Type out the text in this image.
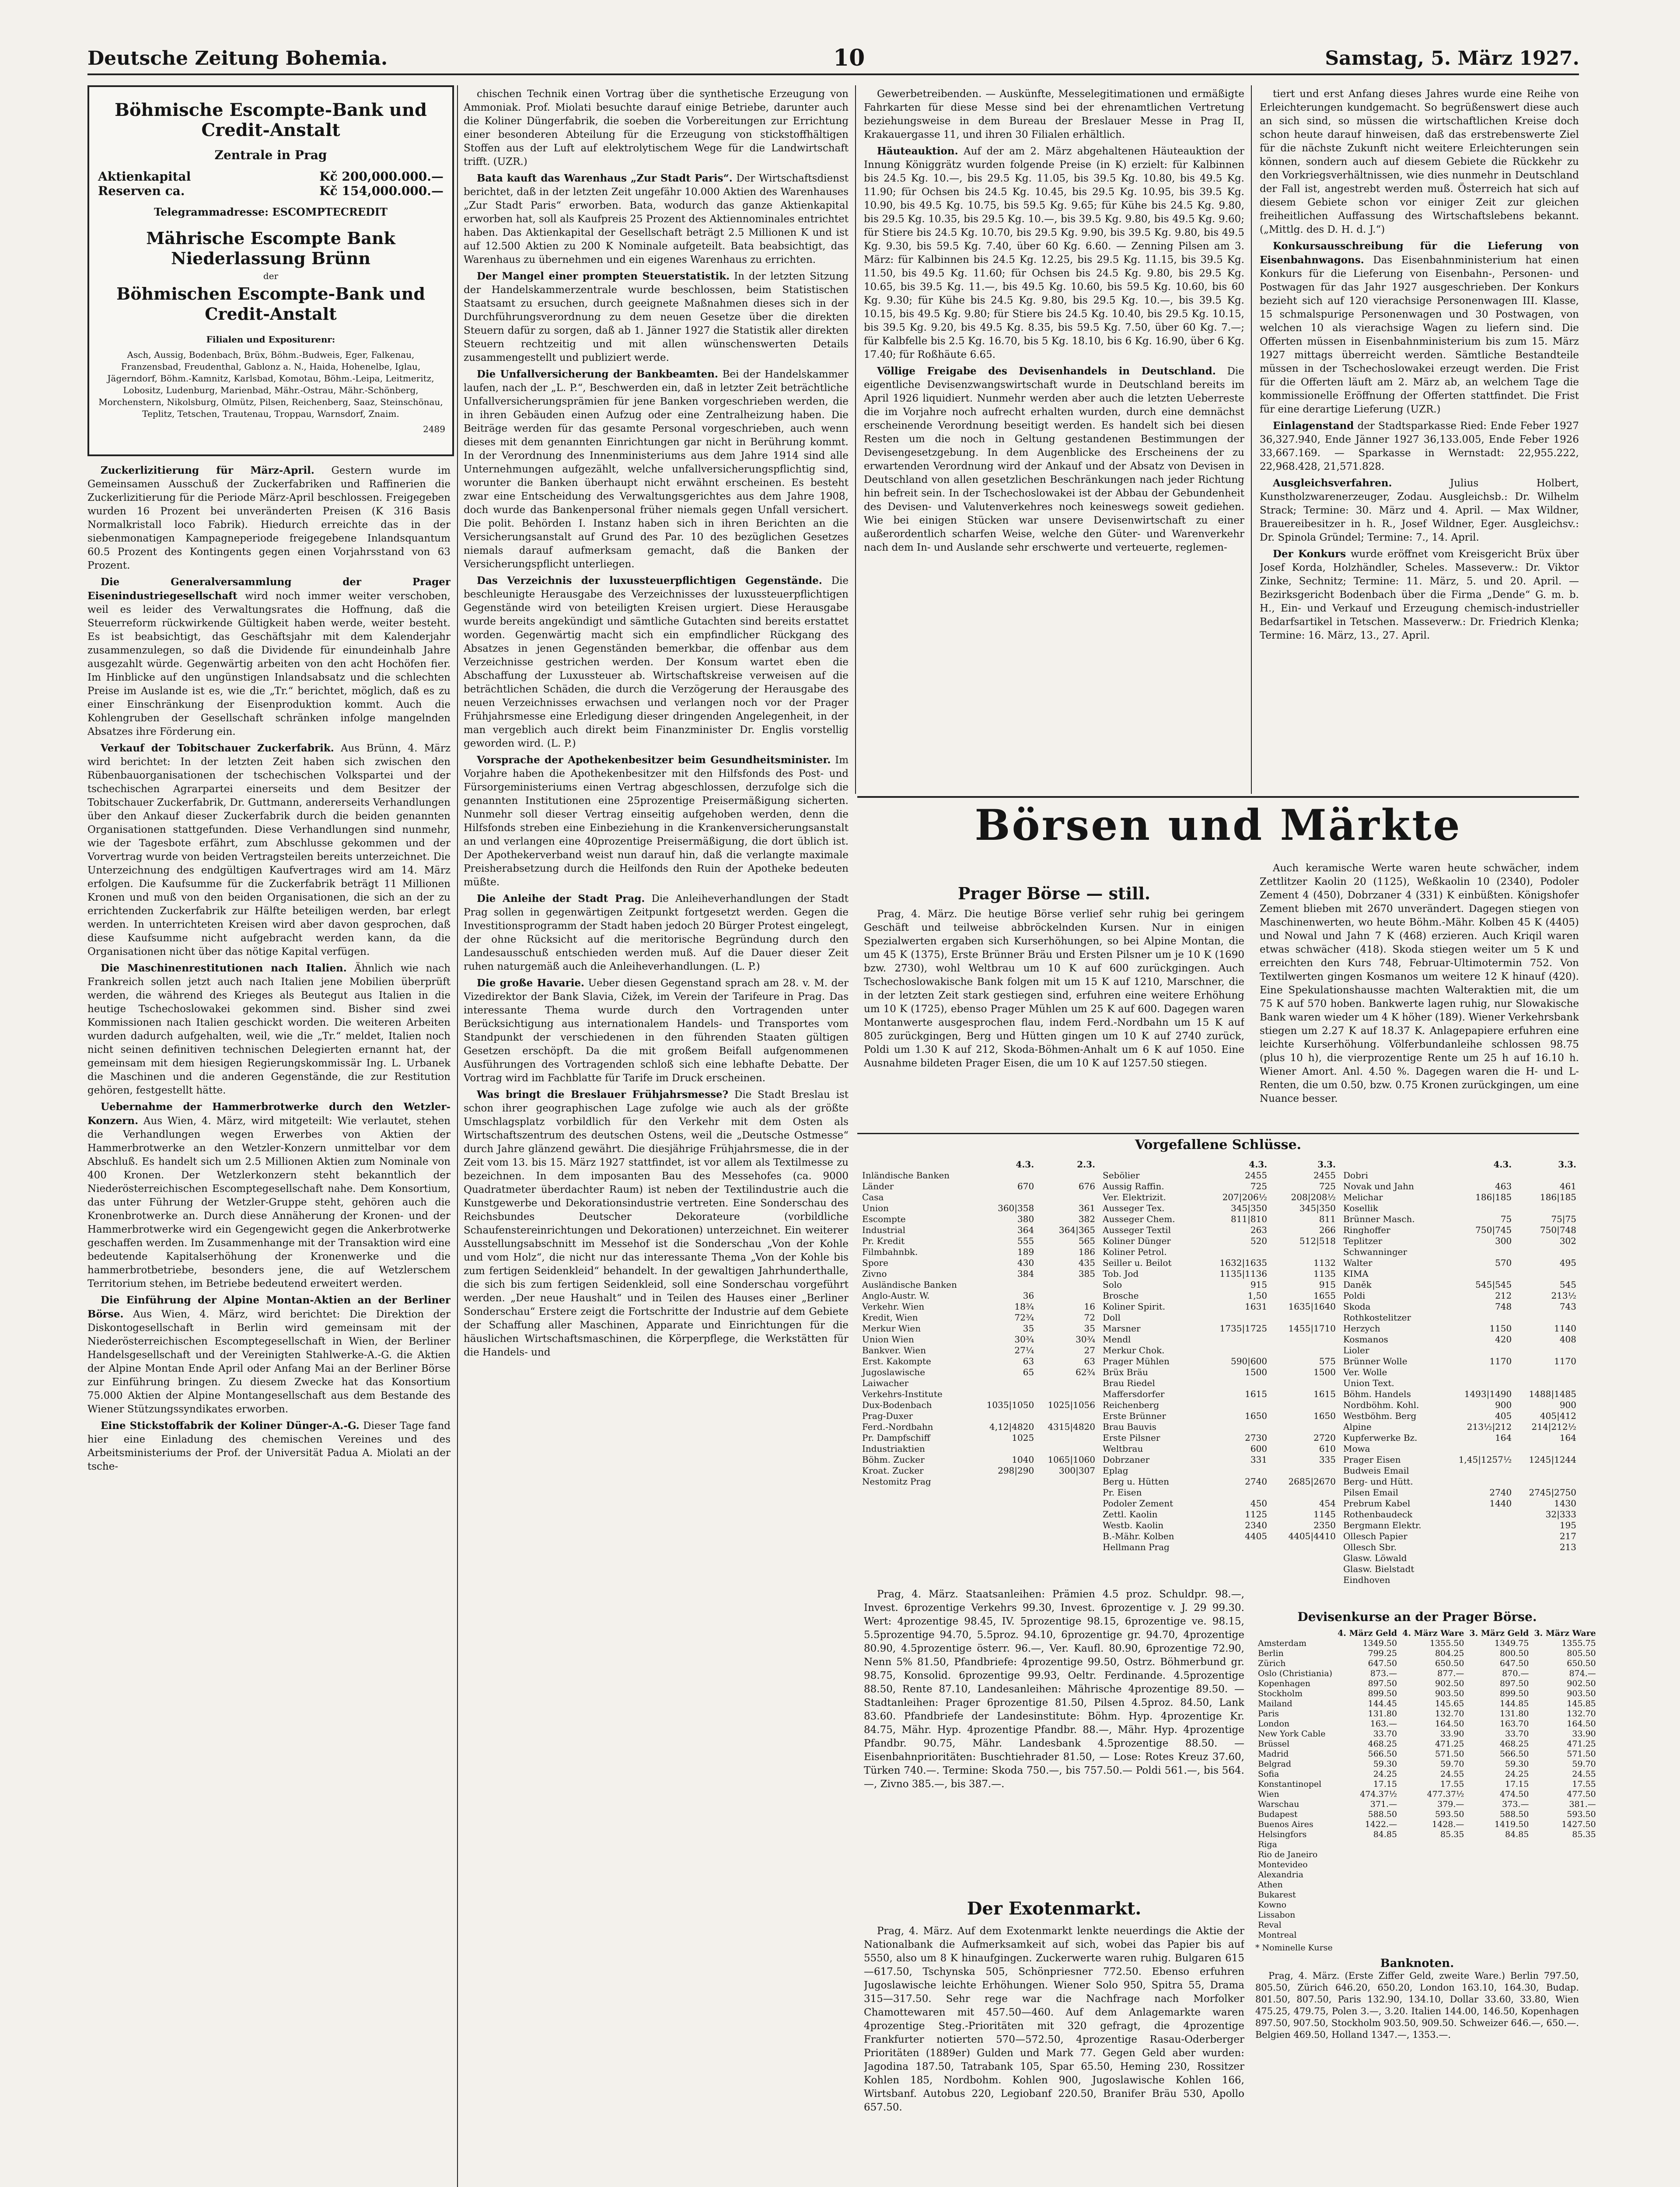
Deutsche Zeitung Bohemia.	10	Samstag, 5. März 1927.
Böhmische Escompte-Bank und Credit-Anstalt
Zentrale in Prag
Aktienkapital	Kč 200,000.000.—
Reserven ca.	Kč 154,000.000.—
Telegrammadresse: ESCOMPTECREDIT
Mährische Escompte Bank Niederlassung Brünn
der
Böhmischen Escompte-Bank und Credit-Anstalt
Filialen und Expositurenr:
Asch, Aussig, Bodenbach, Brüx, Böhm.-Budweis, Eger, Falkenau, Franzensbad, Freudenthal, Gablonz a. N., Haida, Hohenelbe, Iglau, Jägerndorf, Böhm.-Kamnitz, Karlsbad, Komotau, Böhm.-Leipa, Leitmeritz, Lobositz, Ludenburg, Marienbad, Mähr.-Ostrau, Mähr.-Schönberg, Morchenstern, Nikolsburg, Olmütz, Pilsen, Reichenberg, Saaz, Steinschönau, Teplitz, Tetschen, Trautenau, Troppau, Warnsdorf, Znaim.
2489

Zuckerlizitierung für März-April. Gestern wurde im Gemeinsamen Ausschuß der Zuckerfabriken und Raffinerien die Zuckerlizitierung für die Periode März-April beschlossen. Freigegeben wurden 16 Prozent bei unveränderten Preisen (K 316 Basis Normalkristall loco Fabrik). Hiedurch erreichte das in der siebenmonatigen Kampagneperiode freigegebene Inlandsquantum 60.5 Prozent des Kontingents gegen einen Vorjahrsstand von 63 Prozent.

Die Generalversammlung der Prager Eisenindustriegesellschaft wird noch immer weiter verschoben, weil es leider des Verwaltungsrates die Hoffnung, daß die Steuerreform rückwirkende Gültigkeit haben werde, weiter besteht. Es ist beabsichtigt, das Geschäftsjahr mit dem Kalenderjahr zusammenzulegen, so daß die Dividende für einundeinhalb Jahre ausgezahlt würde. Gegenwärtig arbeiten von den acht Hochöfen fier. Im Hinblicke auf den ungünstigen Inlandsabsatz und die schlechten Preise im Auslande ist es, wie die „Tr.“ berichtet, möglich, daß es zu einer Einschränkung der Eisenproduktion kommt. Auch die Kohlengruben der Gesellschaft schränken infolge mangelnden Absatzes ihre Förderung ein.

Verkauf der Tobitschauer Zuckerfabrik. Aus Brünn, 4. März wird berichtet: In der letzten Zeit haben sich zwischen den Rübenbauorganisationen der tschechischen Volkspartei und der tschechischen Agrarpartei einerseits und dem Besitzer der Tobitschauer Zuckerfabrik, Dr. Guttmann, andererseits Verhandlungen über den Ankauf dieser Zuckerfabrik durch die beiden genannten Organisationen stattgefunden. Diese Verhandlungen sind nunmehr, wie der Tagesbote erfährt, zum Abschlusse gekommen und der Vorvertrag wurde von beiden Vertragsteilen bereits unterzeichnet. Die Unterzeichnung des endgültigen Kaufvertrages wird am 14. März erfolgen. Die Kaufsumme für die Zuckerfabrik beträgt 11 Millionen Kronen und muß von den beiden Organisationen, die sich an der zu errichtenden Zuckerfabrik zur Hälfte beteiligen werden, bar erlegt werden. In unterrichteten Kreisen wird aber davon gesprochen, daß diese Kaufsumme nicht aufgebracht werden kann, da die Organisationen nicht über das nötige Kapital verfügen.

Die Maschinenrestitutionen nach Italien. Ähnlich wie nach Frankreich sollen jetzt auch nach Italien jene Mobilien überprüft werden, die während des Krieges als Beutegut aus Italien in die heutige Tschechoslowakei gekommen sind. Bisher sind zwei Kommissionen nach Italien geschickt worden. Die weiteren Arbeiten wurden dadurch aufgehalten, weil, wie die „Tr.“ meldet, Italien noch nicht seinen definitiven technischen Delegierten ernannt hat, der gemeinsam mit dem hiesigen Regierungskommissär Ing. L. Urbanek die Maschinen und die anderen Gegenstände, die zur Restitution gehören, festgestellt hätte.

Uebernahme der Hammerbrotwerke durch den Wetzler-Konzern. Aus Wien, 4. März, wird mitgeteilt: Wie verlautet, stehen die Verhandlungen wegen Erwerbes von Aktien der Hammerbrotwerke an den Wetzler-Konzern unmittelbar vor dem Abschluß. Es handelt sich um 2.5 Millionen Aktien zum Nominale von 400 Kronen. Der Wetzlerkonzern steht bekanntlich der Niederösterreichischen Escomptegesellschaft nahe. Dem Konsortium, das unter Führung der Wetzler-Gruppe steht, gehören auch die Kronenbrotwerke an. Durch diese Annäherung der Kronen- und der Hammerbrotwerke wird ein Gegengewicht gegen die Ankerbrotwerke geschaffen werden. Im Zusammenhange mit der Transaktion wird eine bedeutende Kapitalserhöhung der Kronenwerke und die hammerbrotbetriebe, besonders jene, die auf Wetzlerschem Territorium stehen, im Betriebe bedeutend erweitert werden.

Die Einführung der Alpine Montan-Aktien an der Berliner Börse. Aus Wien, 4. März, wird berichtet: Die Direktion der Diskontogesellschaft in Berlin wird gemeinsam mit der Niederösterreichischen Escomptegesellschaft in Wien, der Berliner Handelsgesellschaft und der Vereinigten Stahlwerke-A.-G. die Aktien der Alpine Montan Ende April oder Anfang Mai an der Berliner Börse zur Einführung bringen. Zu diesem Zwecke hat das Konsortium 75.000 Aktien der Alpine Montangesellschaft aus dem Bestande des Wiener Stützungssyndikates erworben.

Eine Stickstoffabrik der Koliner Dünger-A.-G. Dieser Tage fand hier eine Einladung des chemischen Vereines und des Arbeitsministeriums der Prof. der Universität Padua A. Miolati an der tsche-

chischen Technik einen Vortrag über die synthetische Erzeugung von Ammoniak. Prof. Miolati besuchte darauf einige Betriebe, darunter auch die Koliner Düngerfabrik, die soeben die Vorbereitungen zur Errichtung einer besonderen Abteilung für die Erzeugung von stickstoffhältigen Stoffen aus der Luft auf elektrolytischem Wege für die Landwirtschaft trifft. (UZR.)

Bata kauft das Warenhaus „Zur Stadt Paris“. Der Wirtschaftsdienst berichtet, daß in der letzten Zeit ungefähr 10.000 Aktien des Warenhauses „Zur Stadt Paris“ erworben. Bata, wodurch das ganze Aktienkapital erworben hat, soll als Kaufpreis 25 Prozent des Aktiennominales entrichtet haben. Das Aktienkapital der Gesellschaft beträgt 2.5 Millionen K und ist auf 12.500 Aktien zu 200 K Nominale aufgeteilt. Bata beabsichtigt, das Warenhaus zu übernehmen und ein eigenes Warenhaus zu errichten.

Der Mangel einer prompten Steuerstatistik. In der letzten Sitzung der Handelskammerzentrale wurde beschlossen, beim Statistischen Staatsamt zu ersuchen, durch geeignete Maßnahmen dieses sich in der Durchführungsverordnung zu dem neuen Gesetze über die direkten Steuern dafür zu sorgen, daß ab 1. Jänner 1927 die Statistik aller direkten Steuern rechtzeitig und mit allen wünschenswerten Details zusammengestellt und publiziert werde.

Die Unfallversicherung der Bankbeamten. Bei der Handelskammer laufen, nach der „L. P.“, Beschwerden ein, daß in letzter Zeit beträchtliche Unfallversicherungsprämien für jene Banken vorgeschrieben werden, die in ihren Gebäuden einen Aufzug oder eine Zentralheizung haben. Die Beiträge werden für das gesamte Personal vorgeschrieben, auch wenn dieses mit dem genannten Einrichtungen gar nicht in Berührung kommt. In der Verordnung des Innenministeriums aus dem Jahre 1914 sind alle Unternehmungen aufgezählt, welche unfallversicherungspflichtig sind, worunter die Banken überhaupt nicht erwähnt erscheinen. Es besteht zwar eine Entscheidung des Verwaltungsgerichtes aus dem Jahre 1908, doch wurde das Bankenpersonal früher niemals gegen Unfall versichert. Die polit. Behörden I. Instanz haben sich in ihren Berichten an die Versicherungsanstalt auf Grund des Par. 10 des bezüglichen Gesetzes niemals darauf aufmerksam gemacht, daß die Banken der Versicherungspflicht unterliegen.

Das Verzeichnis der luxussteuerpflichtigen Gegenstände. Die beschleunigte Herausgabe des Verzeichnisses der luxussteuerpflichtigen Gegenstände wird von beteiligten Kreisen urgiert. Diese Herausgabe wurde bereits angekündigt und sämtliche Gutachten sind bereits erstattet worden. Gegenwärtig macht sich ein empfindlicher Rückgang des Absatzes in jenen Gegenständen bemerkbar, die offenbar aus dem Verzeichnisse gestrichen werden. Der Konsum wartet eben die Abschaffung der Luxussteuer ab. Wirtschaftskreise verweisen auf die beträchtlichen Schäden, die durch die Verzögerung der Herausgabe des neuen Verzeichnisses erwachsen und verlangen noch vor der Prager Frühjahrsmesse eine Erledigung dieser dringenden Angelegenheit, in der man vergeblich auch direkt beim Finanzminister Dr. Englis vorstellig geworden wird. (L. P.)

Vorsprache der Apothekenbesitzer beim Gesundheitsminister. Im Vorjahre haben die Apothekenbesitzer mit den Hilfsfonds des Post- und Fürsorgeministeriums einen Vertrag abgeschlossen, derzufolge sich die genannten Institutionen eine 25prozentige Preisermäßigung sicherten. Nunmehr soll dieser Vertrag einseitig aufgehoben werden, denn die Hilfsfonds streben eine Einbeziehung in die Krankenversicherungsanstalt an und verlangen eine 40prozentige Preisermäßigung, die dort üblich ist. Der Apothekerverband weist nun darauf hin, daß die verlangte maximale Preisherabsetzung durch die Heilfonds den Ruin der Apotheke bedeuten müßte.

Die Anleihe der Stadt Prag. Die Anleiheverhandlungen der Stadt Prag sollen in gegenwärtigen Zeitpunkt fortgesetzt werden. Gegen die Investitionsprogramm der Stadt haben jedoch 20 Bürger Protest eingelegt, der ohne Rücksicht auf die meritorische Begründung durch den Landesausschuß entschieden werden muß. Auf die Dauer dieser Zeit ruhen naturgemäß auch die Anleiheverhandlungen. (L. P.)

Die große Havarie. Ueber diesen Gegenstand sprach am 28. v. M. der Vizedirektor der Bank Slavia, Cižek, im Verein der Tarifeure in Prag. Das interessante Thema wurde durch den Vortragenden unter Berücksichtigung aus internationalem Handels- und Transportes vom Standpunkt der verschiedenen in den führenden Staaten gültigen Gesetzen erschöpft. Da die mit großem Beifall aufgenommenen Ausführungen des Vortragenden schloß sich eine lebhafte Debatte. Der Vortrag wird im Fachblatte für Tarife im Druck erscheinen.

Was bringt die Breslauer Frühjahrsmesse? Die Stadt Breslau ist schon ihrer geographischen Lage zufolge wie auch als der größte Umschlagsplatz vorbildlich für den Verkehr mit dem Osten als Wirtschaftszentrum des deutschen Ostens, weil die „Deutsche Ostmesse“ durch Jahre glänzend gewährt. Die diesjährige Frühjahrsmesse, die in der Zeit vom 13. bis 15. März 1927 stattfindet, ist vor allem als Textilmesse zu bezeichnen. In dem imposanten Bau des Messehofes (ca. 9000 Quadratmeter überdachter Raum) ist neben der Textilindustrie auch die Kunstgewerbe und Dekorationsindustrie vertreten. Eine Sonderschau des Reichsbundes Deutscher Dekorateure (vorbildliche Schaufenstereinrichtungen und Dekorationen) unterzeichnet. Ein weiterer Ausstellungsabschnitt im Messehof ist die Sonderschau „Von der Kohle und vom Holz“, die nicht nur das interessante Thema „Von der Kohle bis zum fertigen Seidenkleid“ behandelt. In der gewaltigen Jahrhunderthalle, die sich bis zum fertigen Seidenkleid, soll eine Sonderschau vorgeführt werden. „Der neue Haushalt“ und in Teilen des Hauses einer „Berliner Sonderschau“ Erstere zeigt die Fortschritte der Industrie auf dem Gebiete der Schaffung aller Maschinen, Apparate und Einrichtungen für die häuslichen Wirtschaftsmaschinen, die Körperpflege, die Werkstätten für die Handels- und

Gewerbetreibenden. — Auskünfte, Messelegitimationen und ermäßigte Fahrkarten für diese Messe sind bei der ehrenamtlichen Vertretung beziehungsweise in dem Bureau der Breslauer Messe in Prag II, Krakauergasse 11, und ihren 30 Filialen erhältlich.

Häuteauktion. Auf der am 2. März abgehaltenen Häuteauktion der Innung Königgrätz wurden folgende Preise (in K) erzielt: für Kalbinnen bis 24.5 Kg. 10.—, bis 29.5 Kg. 11.05, bis 39.5 Kg. 10.80, bis 49.5 Kg. 11.90; für Ochsen bis 24.5 Kg. 10.45, bis 29.5 Kg. 10.95, bis 39.5 Kg. 10.90, bis 49.5 Kg. 10.75, bis 59.5 Kg. 9.65; für Kühe bis 24.5 Kg. 9.80, bis 29.5 Kg. 10.35, bis 29.5 Kg. 10.—, bis 39.5 Kg. 9.80, bis 49.5 Kg. 9.60; für Stiere bis 24.5 Kg. 10.70, bis 29.5 Kg. 9.90, bis 39.5 Kg. 9.80, bis 49.5 Kg. 9.30, bis 59.5 Kg. 7.40, über 60 Kg. 6.60. — Zenning Pilsen am 3. März: für Kalbinnen bis 24.5 Kg. 12.25, bis 29.5 Kg. 11.15, bis 39.5 Kg. 11.50, bis 49.5 Kg. 11.60; für Ochsen bis 24.5 Kg. 9.80, bis 29.5 Kg. 10.65, bis 39.5 Kg. 11.—, bis 49.5 Kg. 10.60, bis 59.5 Kg. 10.60, bis 60 Kg. 9.30; für Kühe bis 24.5 Kg. 9.80, bis 29.5 Kg. 10.—, bis 39.5 Kg. 10.15, bis 49.5 Kg. 9.80; für Stiere bis 24.5 Kg. 10.40, bis 29.5 Kg. 10.15, bis 39.5 Kg. 9.20, bis 49.5 Kg. 8.35, bis 59.5 Kg. 7.50, über 60 Kg. 7.—; für Kalbfelle bis 2.5 Kg. 16.70, bis 5 Kg. 18.10, bis 6 Kg. 16.90, über 6 Kg. 17.40; für Roßhäute 6.65.

Völlige Freigabe des Devisenhandels in Deutschland. Die eigentliche Devisenzwangswirtschaft wurde in Deutschland bereits im April 1926 liquidiert. Nunmehr werden aber auch die letzten Ueberreste die im Vorjahre noch aufrecht erhalten wurden, durch eine demnächst erscheinende Verordnung beseitigt werden. Es handelt sich bei diesen Resten um die noch in Geltung gestandenen Bestimmungen der Devisengesetzgebung. In dem Augenblicke des Erscheinens der zu erwartenden Verordnung wird der Ankauf und der Absatz von Devisen in Deutschland von allen gesetzlichen Beschränkungen nach jeder Richtung hin befreit sein. In der Tschechoslowakei ist der Abbau der Gebundenheit des Devisen- und Valutenverkehres noch keineswegs soweit gediehen. Wie bei einigen Stücken war unsere Devisenwirtschaft zu einer außerordentlich scharfen Weise, welche den Güter- und Warenverkehr nach dem In- und Auslande sehr erschwerte und verteuerte, reglemen-

tiert und erst Anfang dieses Jahres wurde eine Reihe von Erleichterungen kundgemacht. So begrüßenswert diese auch an sich sind, so müssen die wirtschaftlichen Kreise doch schon heute darauf hinweisen, daß das erstrebenswerte Ziel für die nächste Zukunft nicht weitere Erleichterungen sein können, sondern auch auf diesem Gebiete die Rückkehr zu den Vorkriegsverhältnissen, wie dies nunmehr in Deutschland der Fall ist, angestrebt werden muß. Österreich hat sich auf diesem Gebiete schon vor einiger Zeit zur gleichen freiheitlichen Auffassung des Wirtschaftslebens bekannt. („Mittlg. des D. H. d. J.“)

Konkursausschreibung für die Lieferung von Eisenbahnwagons. Das Eisenbahnministerium hat einen Konkurs für die Lieferung von Eisenbahn-, Personen- und Postwagen für das Jahr 1927 ausgeschrieben. Der Konkurs bezieht sich auf 120 vierachsige Personenwagen III. Klasse, 15 schmalspurige Personenwagen und 30 Postwagen, von welchen 10 als vierachsige Wagen zu liefern sind. Die Offerten müssen in Eisenbahnministerium bis zum 15. März 1927 mittags überreicht werden. Sämtliche Bestandteile müssen in der Tschechoslowakei erzeugt werden. Die Frist für die Offerten läuft am 2. März ab, an welchem Tage die kommissionelle Eröffnung der Offerten stattfindet. Die Frist für eine derartige Lieferung (UZR.)

Einlagenstand der Stadtsparkasse Ried: Ende Feber 1927 36,327.940, Ende Jänner 1927 36,133.005, Ende Feber 1926 33,667.169. — Sparkasse in Wernstadt: 22,955.222, 22,968.428, 21,571.828.

Ausgleichsverfahren.	Julius Holbert, Kunstholzwarenerzeuger, Zodau. Ausgleichsb.: Dr. Wilhelm Strack; Termine: 30. März und 4. April. — Max Wildner, Brauereibesitzer in h. R., Josef Wildner, Eger. Ausgleichsv.: Dr. Spinola Gründel; Termine: 7., 14. April.

Der Konkurs wurde eröffnet vom Kreisgericht Brüx über Josef Korda, Holzhändler, Scheles. Masseverw.: Dr. Viktor Zinke, Sechnitz; Termine: 11. März, 5. und 20. April. — Bezirksgericht Bodenbach über die Firma „Dende“ G. m. b. H., Ein- und Verkauf und Erzeugung chemisch-industrieller Bedarfsartikel in Tetschen. Masseverw.: Dr. Friedrich Klenka; Termine: 16. März, 13., 27. April.

Börsen und Märkte
Prager Börse — still.

Prag, 4. März. Die heutige Börse verlief sehr ruhig bei geringem Geschäft und teilweise abbröckelnden Kursen. Nur in einigen Spezialwerten ergaben sich Kurserhöhungen, so bei Alpine Montan, die um 45 K (1375), Erste Brünner Bräu und Ersten Pilsner um je 10 K (1690 bzw. 2730), wohl Weltbrau um 10 K auf 600 zurückgingen. Auch Tschechoslowakische Bank folgen mit um 15 K auf 1210, Marschner, die in der letzten Zeit stark gestiegen sind, erfuhren eine weitere Erhöhung um 10 K (1725), ebenso Prager Mühlen um 25 K auf 600. Dagegen waren Montanwerte ausgesprochen flau, indem Ferd.-Nordbahn um 15 K auf 805 zurückgingen, Berg und Hütten gingen um 10 K auf 2740 zurück, Poldi um 1.30 K auf 212, Skoda-Böhmen-Anhalt um 6 K auf 1050. Eine Ausnahme bildeten Prager Eisen, die um 10 K auf 1257.50 stiegen.

Auch keramische Werte waren heute schwächer, indem Zettlitzer Kaolin 20 (1125), Weßkaolin 10 (2340), Podoler Zement 4 (450), Dobrzaner 4 (331) K einbüßten. Königshofer Zement blieben mit 2670 unverändert. Dagegen stiegen von Maschinenwerten, wo heute Böhm.-Mähr. Kolben 45 K (4405) und Nowal und Jahn 7 K (468) erzieren. Auch Kriqil waren etwas schwächer (418). Skoda stiegen weiter um 5 K und erreichten den Kurs 748, Februar-Ultimotermin 752. Von Textilwerten gingen Kosmanos um weitere 12 K hinauf (420). Eine Spekulationshausse machten Walteraktien mit, die um 75 K auf 570 hoben. Bankwerte lagen ruhig, nur Slowakische Bank waren wieder um 4 K höher (189). Wiener Verkehrsbank stiegen um 2.27 K auf 18.37 K. Anlagepapiere erfuhren eine leichte Kurserhöhung. Völferbundanleihe schlossen 98.75 (plus 10 h), die vierprozentige Rente um 25 h auf 16.10 h. Wiener Amort. Anl. 4.50 %. Dagegen waren die H- und L-Renten, die um 0.50, bzw. 0.75 Kronen zurückgingen, um eine Nuance besser.

Vorgefallene Schlüsse.
	4.3.	2.3.
Inländische Banken		
Länder	670	676
Casa		
Union	360|358	361
Escompte	380	382
Industrial	364	364|365
Pr. Kredit	555	565
Filmbahnbk.	189	186
Spore	430	435
Zivno	384	385
Ausländische Banken		
Anglo-Austr. W.	36	
Verkehr. Wien	18¾	16
Kredit, Wien	72¾	72
Merkur Wien	35	35
Union Wien	30¾	30¾
Bankver. Wien	27¼	27
Erst. Kakompte	63	63
Jugoslawische	65	62¾
Laiwacher		
Verkehrs-Institute		
Dux-Bodenbach	1035|1050	1025|1056
Prag-Duxer		
Ferd.-Nordbahn	4,12|4820	4315|4820
Pr. Dampfschiff	1025	
Industriaktien		
Böhm. Zucker	1040	1065|1060
Kroat. Zucker	298|290	300|307
Nestomitz Prag		
	4.3.	3.3.
Sebölier	2455	2455
Aussig Raffin.	725	725
Ver. Elektrizit.	207|206½	208|208½
Ausseger Tex.	345|350	345|350
Ausseger Chem.	811|810	811
Ausseger Textil	263	266
Koliner Dünger	520	512|518
Koliner Petrol.		
Seiller u. Beilot	1632|1635	1132
Tob. Jod	1135|1136	1135
Solo	915	915
Brosche	1,50	1655
Koliner Spirit.	1631	1635|1640
Doll		
Marsner	1735|1725	1455|1710
Mendl		
Merkur Chok.		
Prager Mühlen	590|600	575
Brüx Bräu	1500	1500
Brau Riedel		
Maffersdorfer	1615	1615
Reichenberg		
Erste Brünner	1650	1650
Brau Bauvis		
Erste Pilsner	2730	2720
Weltbrau	600	610
Dobrzaner	331	335
Eplag		
Berg u. Hütten	2740	2685|2670
Pr. Eisen		
Podoler Zement	450	454
Zettl. Kaolin	1125	1145
Westb. Kaolin	2340	2350
B.-Mähr. Kolben	4405	4405|4410
Hellmann Prag		
	4.3.	3.3.
Dobri		
Novak und Jahn	463	461
Melichar	186|185	186|185
Kosellik		
Brünner Masch.	75	75|75
Ringhoffer	750|745	750|748
Teplitzer	300	302
Schwanninger		
Walter	570	495
KIMA		
Daněk	545|545	545
Poldi	212	213½
Skoda	748	743
Rothkostelitzer		
Herzych	1150	1140
Kosmanos	420	408
Lioler		
Brünner Wolle	1170	1170
Ver. Wolle		
Union Text.		
Böhm. Handels	1493|1490	1488|1485
Nordböhm. Kohl.	900	900
Westböhm. Berg	405	405|412
Alpine	213½|212	214|212½
Kupferwerke Bz.	164	164
Mowa		
Prager Eisen	1,45|1257½	1245|1244
Budweis Email		
Berg- und Hütt.		
Pilsen Email	2740	2745|2750
Prebrum Kabel	1440	1430
Rothenbaudeck		32|333
Bergmann Elektr.		195
Ollesch Papier		217
Ollesch Sbr.		213
Glasw. Löwald		
Glasw. Bielstadt		
Eindhoven		

Prag, 4. März. Staatsanleihen: Prämien 4.5 proz. Schuldpr. 98.—, Invest. 6prozentige Verkehrs 99.30, Invest. 6prozentige v. J. 29 99.30. Wert: 4prozentige 98.45, IV. 5prozentige 98.15, 6prozentige ve. 98.15, 5.5prozentige 94.70, 5.5proz. 94.10, 6prozentige gr. 94.70, 4prozentige 80.90, 4.5prozentige österr. 96.—, Ver. Kaufl. 80.90, 6prozentige 72.90, Nenn 5% 81.50, Pfandbriefe: 4prozentige 99.50, Ostrz. Böhmerbund gr. 98.75, Konsolid. 6prozentige 99.93, Oeltr. Ferdinande. 4.5prozentige 88.50, Rente 87.10, Landesanleihen: Mährische 4prozentige 89.50. — Stadtanleihen: Prager 6prozentige 81.50, Pilsen 4.5proz. 84.50, Lank 83.60. Pfandbriefe der Landesinstitute: Böhm. Hyp. 4prozentige Kr. 84.75, Mähr. Hyp. 4prozentige Pfandbr. 88.—, Mähr. Hyp. 4prozentige Pfandbr. 90.75, Mähr. Landesbank 4.5prozentige 88.50. — Eisenbahnprioritäten: Buschtiehrader 81.50, — Lose: Rotes Kreuz 37.60, Türken 740.—. Termine: Skoda 750.—, bis 757.50.— Poldi 561.—, bis 564.—, Zivno 385.—, bis 387.—.

Der Exotenmarkt.

Prag, 4. März. Auf dem Exotenmarkt lenkte neuerdings die Aktie der Nationalbank die Aufmerksamkeit auf sich, wobei das Papier bis auf 5550, also um 8 K hinaufgingen. Zuckerwerte waren ruhig. Bulgaren 615—617.50, Tschynska 505, Schönpriesner 772.50. Ebenso erfuhren Jugoslawische leichte Erhöhungen. Wiener Solo 950, Spitra 55, Drama 315—317.50. Sehr rege war die Nachfrage nach Morfolker Chamottewaren mit 457.50—460. Auf dem Anlagemarkte waren 4prozentige Steg.-Prioritäten mit 320 gefragt, die 4prozentige Frankfurter notierten 570—572.50, 4prozentige Rasau-Oderberger Prioritäten (1889er) Gulden und Mark 77. Gegen Geld aber wurden: Jagodina 187.50, Tatrabank 105, Spar 65.50, Heming 230, Rossitzer Kohlen 185, Nordbohm. Kohlen 900, Jugoslawische Kohlen 166, Wirtsbanf. Autobus 220, Legiobanf 220.50, Branifer Bräu 530, Apollo 657.50.

Devisenkurse an der Prager Börse.
	4. März Geld	4. März Ware	3. März Geld	3. März Ware
Amsterdam	1349.50	1355.50	1349.75	1355.75
Berlin	799.25	804.25	800.50	805.50
Zürich	647.50	650.50	647.50	650.50
Oslo (Christiania)	873.—	877.—	870.—	874.—
Kopenhagen	897.50	902.50	897.50	902.50
Stockholm	899.50	903.50	899.50	903.50
Mailand	144.45	145.65	144.85	145.85
Paris	131.80	132.70	131.80	132.70
London	163.—	164.50	163.70	164.50
New York Cable	33.70	33.90	33.70	33.90
Brüssel	468.25	471.25	468.25	471.25
Madrid	566.50	571.50	566.50	571.50
Belgrad	59.30	59.70	59.30	59.70
Sofia	24.25	24.55	24.25	24.55
Konstantinopel	17.15	17.55	17.15	17.55
Wien	474.37½	477.37½	474.50	477.50
Warschau	371.—	379.—	373.—	381.—
Budapest	588.50	593.50	588.50	593.50
Buenos Aires	1422.—	1428.—	1419.50	1427.50
Helsingfors	84.85	85.35	84.85	85.35
Riga				
Rio de Janeiro				
Montevideo				
Alexandria				
Athen				
Bukarest				
Kowno				
Lissabon				
Reval				
Montreal				
* Nominelle Kurse
Banknoten.

Prag, 4. März. (Erste Ziffer Geld, zweite Ware.) Berlin 797.50, 805.50, Zürich 646.20, 650.20, London 163.10, 164.30, Budap. 801.50, 807.50, Paris 132.90, 134.10, Dollar 33.60, 33.80, Wien 475.25, 479.75, Polen 3.—, 3.20. Italien 144.00, 146.50, Kopenhagen 897.50, 907.50, Stockholm 903.50, 909.50. Schweizer 646.—, 650.—. Belgien 469.50, Holland 1347.—, 1353.—.
